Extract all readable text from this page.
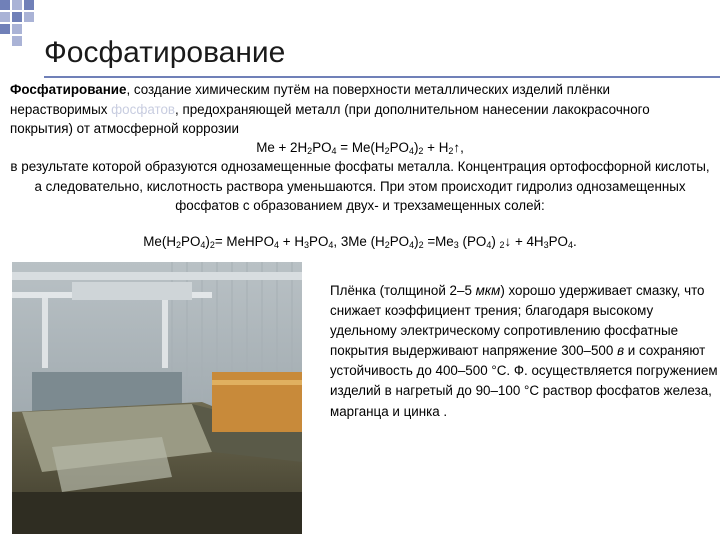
Фосфатирование
Фосфатирование, создание химическим путём на поверхности металлических изделий плёнки нерастворимых фосфатов, предохраняющей металл (при дополнительном нанесении лакокрасочного покрытия) от атмосферной коррозии
$Me + 2H_2PO_4 = Me(H_2PO_4)_2$ + $H_2↑$,
в результате которой образуются однозамещенные фосфаты металла. Концентрация ортофосфорной кислоты, а следовательно, кислотность раствора уменьшаются. При этом происходит гидролиз однозамещенных фосфатов с образованием двух- и трехзамещенных солей:
$Me(H_2PO_4)_2=$ MeHPO$_4$ + $H_3PO_4$, 3Me $(H_2PO_4)_2 =Me_3$ $(PO_4)$ $_2$↓ + $4H_3PO_4$.
Плёнка (толщиной 2–5 мкм) хорошо удерживает смазку, что снижает коэффициент трения; благодаря высокому удельному электрическому сопротивлению фосфатные покрытия выдерживают напряжение 300–500 в и сохраняют устойчивость до 400–500 °С. Ф. осуществляется погружением изделий в нагретый до 90–100 °С раствор фосфатов железа, марганца и цинка .
